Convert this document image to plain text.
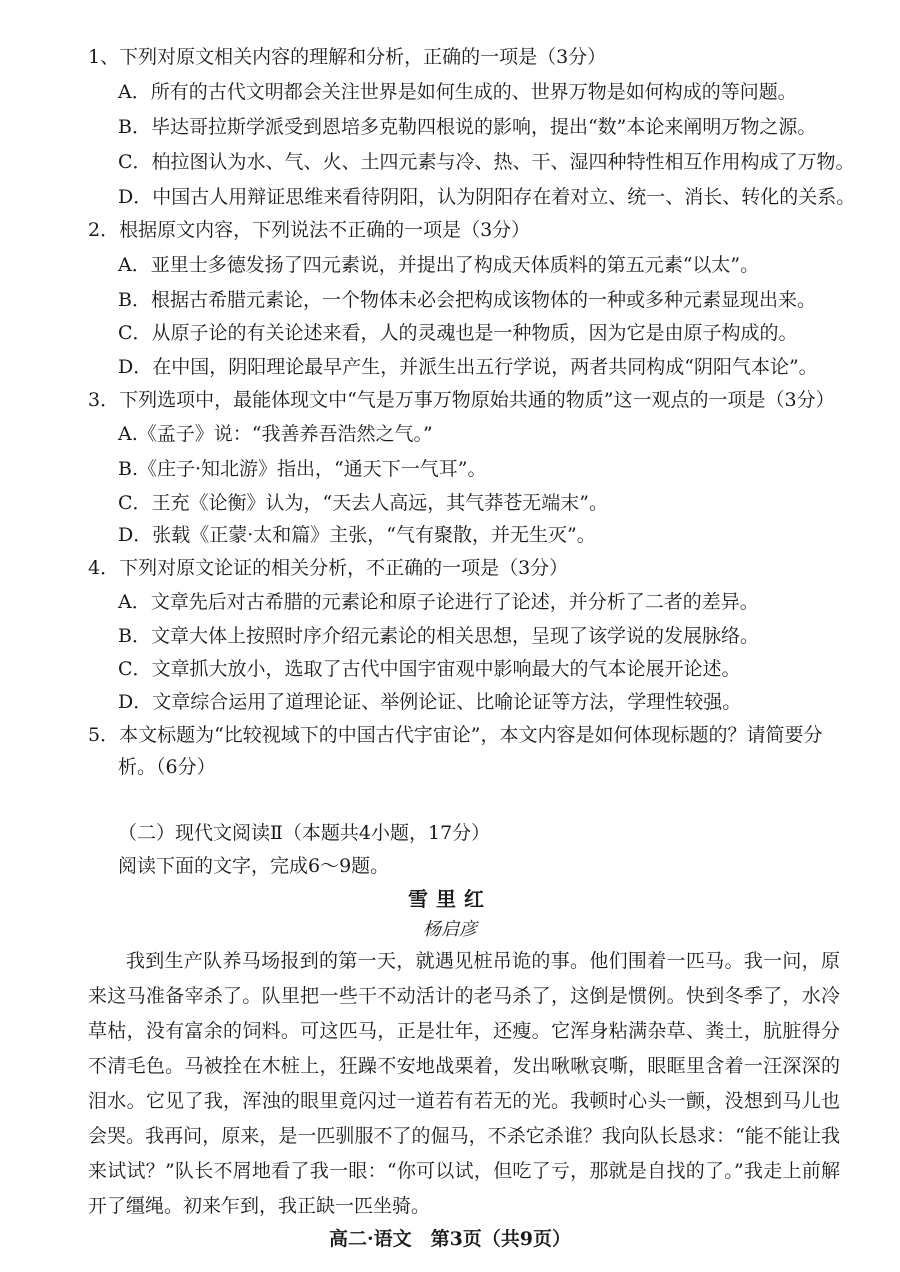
1、下列对原文相关内容的理解和分析，正确的一项是（3分）
A．所有的古代文明都会关注世界是如何生成的、世界万物是如何构成的等问题。
B．毕达哥拉斯学派受到恩培多克勒四根说的影响，提出“数”本论来阐明万物之源。
C．柏拉图认为水、气、火、土四元素与冷、热、干、湿四种特性相互作用构成了万物。
D．中国古人用辩证思维来看待阴阳，认为阴阳存在着对立、统一、消长、转化的关系。
2．根据原文内容，下列说法不正确的一项是（3分）
A．亚里士多德发扬了四元素说，并提出了构成天体质料的第五元素“以太”。
B．根据古希腊元素论，一个物体未必会把构成该物体的一种或多种元素显现出来。
C．从原子论的有关论述来看，人的灵魂也是一种物质，因为它是由原子构成的。
D．在中国，阴阳理论最早产生，并派生出五行学说，两者共同构成“阴阳气本论”。
3．下列选项中，最能体现文中“气是万事万物原始共通的物质”这一观点的一项是（3分）
A.《孟子》说：“我善养吾浩然之气。”
B.《庄子·知北游》指出，“通天下一气耳”。
C．王充《论衡》认为，“天去人高远，其气莽苍无端末”。
D．张载《正蒙·太和篇》主张，“气有聚散，并无生灭”。
4．下列对原文论证的相关分析，不正确的一项是（3分）
A．文章先后对古希腊的元素论和原子论进行了论述，并分析了二者的差异。
B．文章大体上按照时序介绍元素论的相关思想，呈现了该学说的发展脉络。
C．文章抓大放小，选取了古代中国宇宙观中影响最大的气本论展开论述。
D．文章综合运用了道理论证、举例论证、比喻论证等方法，学理性较强。
5．本文标题为“比较视域下的中国古代宇宙论”，本文内容是如何体现标题的？请简要分
析。（6分）
（二）现代文阅读Ⅱ（本题共4小题，17分）
阅读下面的文字，完成6～9题。
雪里红
杨启彦
我到生产队养马场报到的第一天，就遇见桩吊诡的事。他们围着一匹马。我一问，原来这马准备宰杀了。队里把一些干不动活计的老马杀了，这倒是惯例。快到冬季了，水冷草枯，没有富余的饲料。可这匹马，正是壮年，还瘦。它浑身粘满杂草、粪土，肮脏得分不清毛色。马被拴在木桩上，狂躁不安地战栗着，发出啾啾哀嘶，眼眶里含着一汪深深的泪水。它见了我，浑浊的眼里竟闪过一道若有若无的光。我顿时心头一颤，没想到马儿也会哭。我再问，原来，是一匹驯服不了的倔马，不杀它杀谁？我向队长恳求：“能不能让我来试试？”队长不屑地看了我一眼：“你可以试，但吃了亏，那就是自找的了。”我走上前解开了缰绳。初来乍到，我正缺一匹坐骑。
高二·语文　第3页（共9页）
